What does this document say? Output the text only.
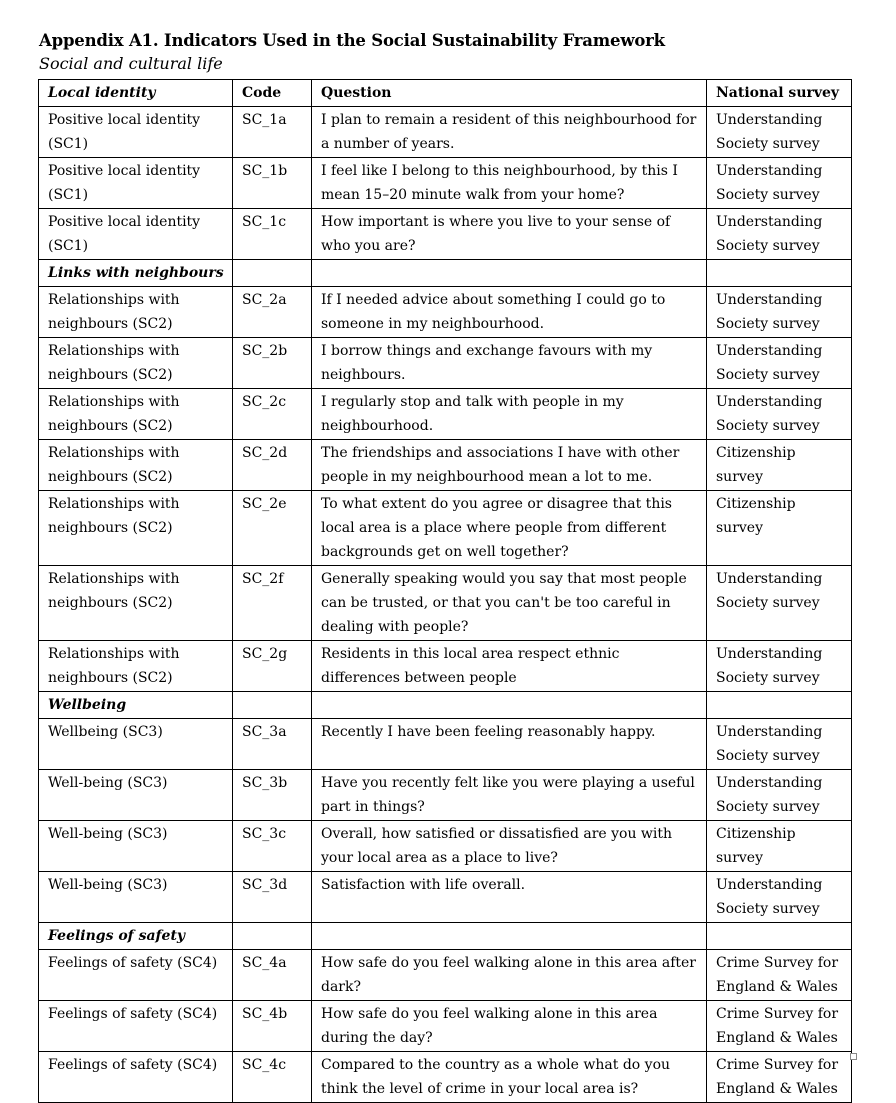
Appendix A1. Indicators Used in the Social Sustainability Framework
Social and cultural life
Local identity	Code	Question	National survey
Positive local identity (SC1)	SC_1a	I plan to remain a resident of this neighbourhood for a number of years.	Understanding Society survey
Positive local identity (SC1)	SC_1b	I feel like I belong to this neighbourhood, by this I mean 15–20 minute walk from your home?	Understanding Society survey
Positive local identity (SC1)	SC_1c	How important is where you live to your sense of who you are?	Understanding Society survey
Links with neighbours			
Relationships with neighbours (SC2)	SC_2a	If I needed advice about something I could go to someone in my neighbourhood.	Understanding Society survey
Relationships with neighbours (SC2)	SC_2b	I borrow things and exchange favours with my neighbours.	Understanding Society survey
Relationships with neighbours (SC2)	SC_2c	I regularly stop and talk with people in my neighbourhood.	Understanding Society survey
Relationships with neighbours (SC2)	SC_2d	The friendships and associations I have with other people in my neighbourhood mean a lot to me.	Citizenship survey
Relationships with neighbours (SC2)	SC_2e	To what extent do you agree or disagree that this local area is a place where people from different backgrounds get on well together?	Citizenship survey
Relationships with neighbours (SC2)	SC_2f	Generally speaking would you say that most people can be trusted, or that you can't be too careful in dealing with people?	Understanding Society survey
Relationships with neighbours (SC2)	SC_2g	Residents in this local area respect ethnic differences between people	Understanding Society survey
Wellbeing			
Wellbeing (SC3)	SC_3a	Recently I have been feeling reasonably happy.	Understanding Society survey
Well-being (SC3)	SC_3b	Have you recently felt like you were playing a useful part in things?	Understanding Society survey
Well-being (SC3)	SC_3c	Overall, how satisfied or dissatisfied are you with your local area as a place to live?	Citizenship survey
Well-being (SC3)	SC_3d	Satisfaction with life overall.	Understanding Society survey
Feelings of safety			
Feelings of safety (SC4)	SC_4a	How safe do you feel walking alone in this area after dark?	Crime Survey for England & Wales
Feelings of safety (SC4)	SC_4b	How safe do you feel walking alone in this area during the day?	Crime Survey for England & Wales
Feelings of safety (SC4)	SC_4c	Compared to the country as a whole what do you think the level of crime in your local area is?	Crime Survey for England & Wales
